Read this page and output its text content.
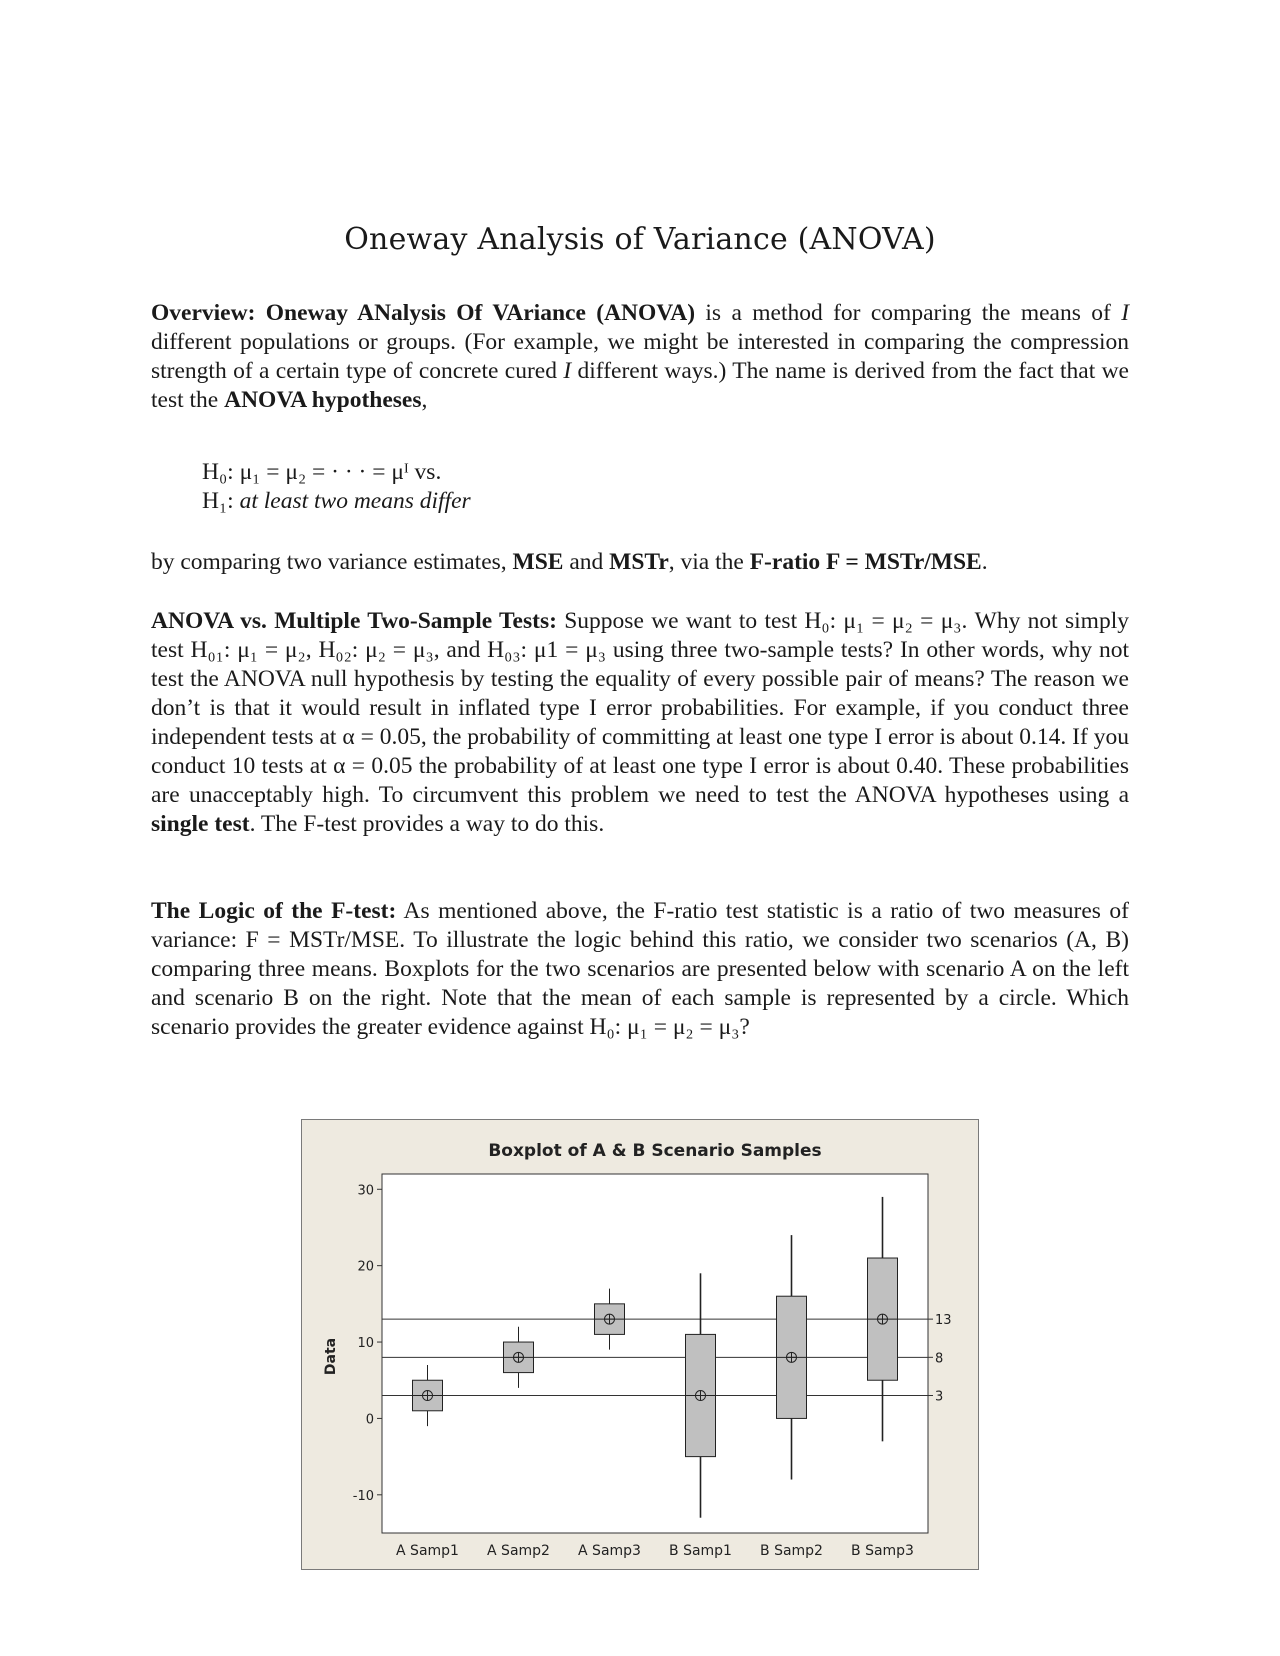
Oneway Analysis of Variance (ANOVA)
Overview: Oneway ANalysis Of VAriance (ANOVA) is a method for comparing the means of I different populations or groups. (For example, we might be interested in comparing the compression strength of a certain type of concrete cured I different ways.) The name is derived from the fact that we test the ANOVA hypotheses,
H₀: μ₁ = μ₂ = · · · = μᴵ vs.
H₁: at least two means differ
by comparing two variance estimates, MSE and MSTr, via the F-ratio F = MSTr/MSE.
ANOVA vs. Multiple Two-Sample Tests: Suppose we want to test H₀: μ₁ = μ₂ = μ₃. Why not simply test H₀₁: μ₁ = μ₂, H₀₂: μ₂ = μ₃, and H₀₃: μ1 = μ₃ using three two-sample tests? In other words, why not test the ANOVA null hypothesis by testing the equality of every possible pair of means? The reason we don’t is that it would result in inflated type I error probabilities. For example, if you conduct three independent tests at α = 0.05, the probability of committing at least one type I error is about 0.14. If you conduct 10 tests at α = 0.05 the probability of at least one type I error is about 0.40. These probabilities are unacceptably high. To circumvent this problem we need to test the ANOVA hypotheses using a single test. The F-test provides a way to do this.
The Logic of the F-test: As mentioned above, the F-ratio test statistic is a ratio of two measures of variance: F = MSTr/MSE. To illustrate the logic behind this ratio, we consider two scenarios (A, B) comparing three means. Boxplots for the two scenarios are presented below with scenario A on the left and scenario B on the right. Note that the mean of each sample is represented by a circle. Which scenario provides the greater evidence against H₀: μ₁ = μ₂ = μ₃?
Boxplot of A & B Scenario Samples
30
20
10
0
-10
Data
13
8
3
A Samp1 A Samp2 A Samp3 B Samp1 B Samp2 B Samp3
